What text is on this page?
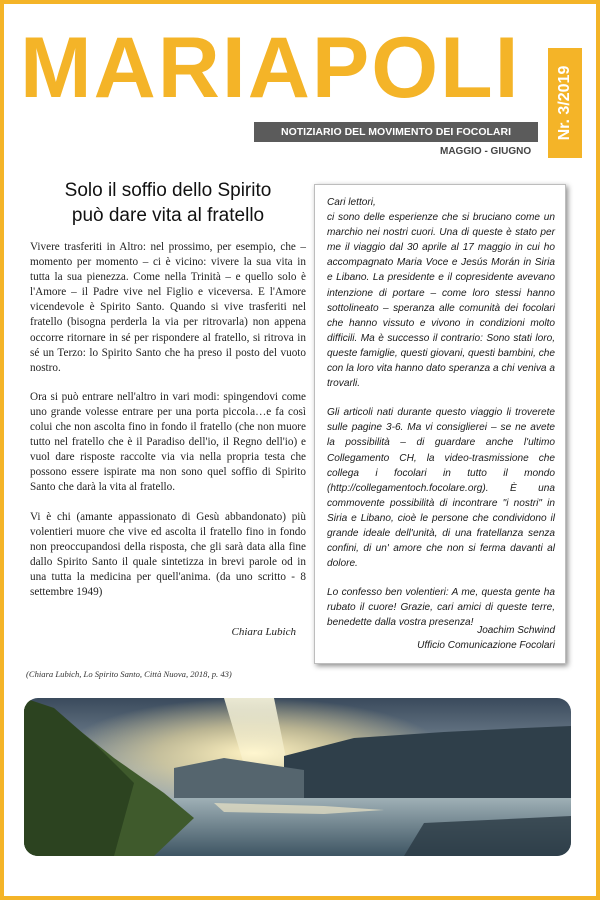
MARIAPOLI
NOTIZIARIO DEL MOVIMENTO DEI FOCOLARI	Nr. 3/2019
MAGGIO - GIUGNO
Solo il soffio dello Spirito
può dare vita al fratello

Vivere trasferiti in Altro: nel prossimo, per esempio, che – momento per momento – ci è vicino: vivere la sua vita in tutta la sua pienezza. Come nella Trinità – e quello solo è l'Amore – il Padre vive nel Figlio e viceversa. E l'Amore vicendevole è Spirito Santo. Quando si vive trasferiti nel fratello (bisogna perderla la via per ritrovarla) non appena occorre ritornare in sé per rispondere al fratello, si ritrova in sé un Terzo: lo Spirito Santo che ha preso il posto del vuoto nostro.

Ora si può entrare nell'altro in vari modi: spingendovi come uno grande volesse entrare per una porta piccola…e fa così colui che non ascolta fino in fondo il fratello (che non muore tutto nel fratello che è il Paradiso dell'io, il Regno dell'io) e vuol dare risposte raccolte via via nella propria testa che possono essere ispirate ma non sono quel soffio di Spirito Santo che darà la vita al fratello.

Vi è chi (amante appassionato di Gesù abbandonato) più volentieri muore che vive ed ascolta il fratello fino in fondo non preoccupandosi della risposta, che gli sarà data alla fine dallo Spirito Santo il quale sintetizza in brevi parole od in una tutta la medicina per quell'anima. (da uno scritto - 8 settembre 1949)

Chiara Lubich
(Chiara Lubich, Lo Spirito Santo, Città Nuova, 2018, p. 43)

Cari lettori,
ci sono delle esperienze che si bruciano come un marchio nei nostri cuori. Una di queste è stato per me il viaggio dal 30 aprile al 17 maggio in cui ho accompagnato Maria Voce e Jesús Morán in Siria e Libano. La presidente e il copresidente avevano intenzione di portare – come loro stessi hanno sottolineato – speranza alle comunità dei focolari che hanno vissuto e vivono in condizioni molto difficili. Ma è successo il contrario: Sono stati loro, queste famiglie, questi giovani, questi bambini, che con la loro vita hanno dato speranza a chi veniva a trovarli.

Gli articoli nati durante questo viaggio li troverete sulle pagine 3-6. Ma vi consiglierei – se ne avete la possibilità – di guardare anche l'ultimo Collegamento CH, la video-trasmissione che collega i focolari in tutto il mondo (http://collegamentoch.focolare.org). È una commovente possibilità di incontrare "i nostri" in Siria e Libano, cioè le persone che condividono il grande ideale dell'unità, di una fratellanza senza confini, di un' amore che non si ferma davanti al dolore.

Lo confesso ben volentieri: A me, questa gente ha rubato il cuore! Grazie, cari amici di queste terre, benedette dalla vostra presenza!

Joachim Schwind
Ufficio Comunicazione Focolari
